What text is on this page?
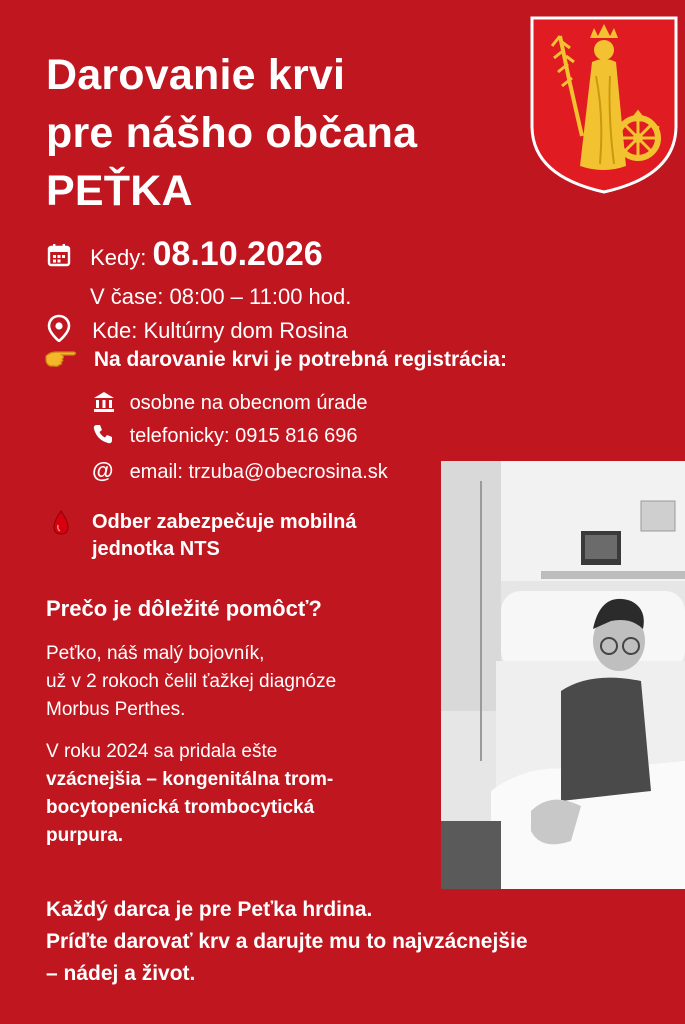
Darovanie krvi
pre nášho občana
PEŤKA
Kedy: 08.10.2026
V čase: 08:00 – 11:00 hod.
Kde: Kultúrny dom Rosina
Na darovanie krvi je potrebná registrácia:
osobne na obecnom úrade
telefonicky: 0915 816 696
@ email: trzuba@obecrosina.sk
Odber zabezpečuje mobilná
jednotka NTS
Prečo je dôležité pomôcť?
Peťko, náš malý bojovník,
už v 2 rokoch čelil ťažkej diagnóze
Morbus Perthes.
V roku 2024 sa pridala ešte
vzácnejšia – kongenitálna trom-
bocytopenická trombocytická
purpura.
Každý darca je pre Peťka hrdina.
Príďte darovať krv a darujte mu to najvzácnejšie
– nádej a život.
